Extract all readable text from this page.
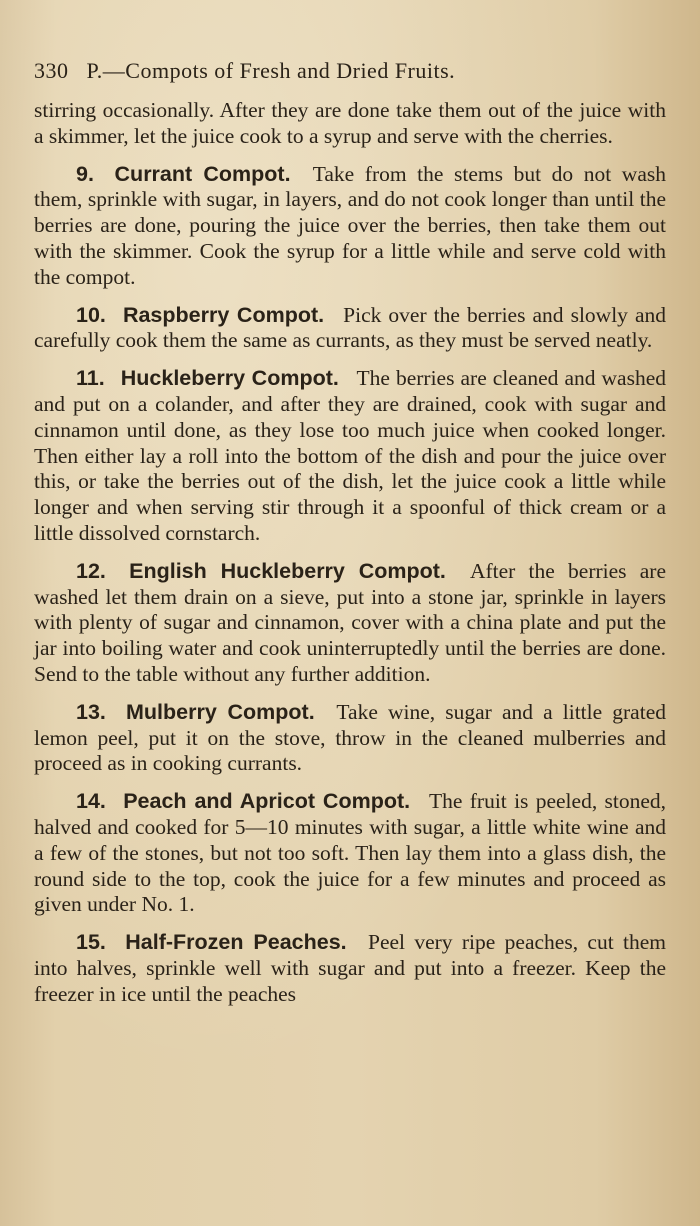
330 P.—Compots of Fresh and Dried Fruits.

stirring occasionally. After they are done take them out of the juice with a skimmer, let the juice cook to a syrup and serve with the cherries.

9. Currant Compot. Take from the stems but do not wash them, sprinkle with sugar, in layers, and do not cook longer than until the berries are done, pouring the juice over the berries, then take them out with the skimmer. Cook the syrup for a little while and serve cold with the compot.

10. Raspberry Compot. Pick over the berries and slowly and carefully cook them the same as currants, as they must be served neatly.

11. Huckleberry Compot. The berries are cleaned and washed and put on a colander, and after they are drained, cook with sugar and cinnamon until done, as they lose too much juice when cooked longer. Then either lay a roll into the bottom of the dish and pour the juice over this, or take the berries out of the dish, let the juice cook a little while longer and when serving stir through it a spoonful of thick cream or a little dissolved cornstarch.

12. English Huckleberry Compot. After the berries are washed let them drain on a sieve, put into a stone jar, sprinkle in layers with plenty of sugar and cinnamon, cover with a china plate and put the jar into boiling water and cook uninterruptedly until the berries are done. Send to the table without any further addition.

13. Mulberry Compot. Take wine, sugar and a little grated lemon peel, put it on the stove, throw in the cleaned mulberries and proceed as in cooking currants.

14. Peach and Apricot Compot. The fruit is peeled, stoned, halved and cooked for 5—10 minutes with sugar, a little white wine and a few of the stones, but not too soft. Then lay them into a glass dish, the round side to the top, cook the juice for a few minutes and proceed as given under No. 1.

15. Half-Frozen Peaches. Peel very ripe peaches, cut them into halves, sprinkle well with sugar and put into a freezer. Keep the freezer in ice until the peaches
